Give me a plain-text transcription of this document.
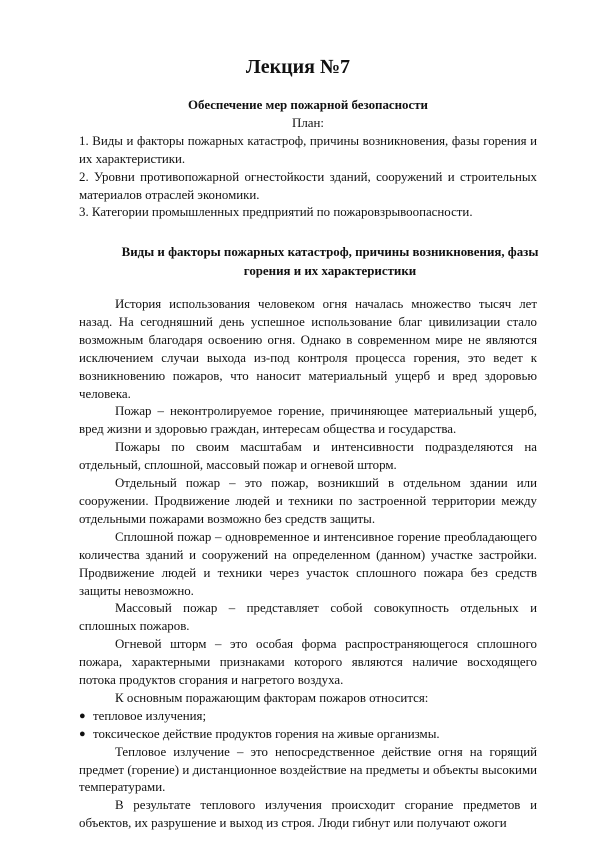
Лекция №7
Обеспечение мер пожарной безопасности
План:
1. Виды и факторы пожарных катастроф, причины возникновения, фазы горения и их характеристики.
2. Уровни противопожарной огнестойкости зданий, сооружений и строительных материалов отраслей экономики.
3. Категории промышленных предприятий по пожаровзрывоопасности.
Виды и факторы пожарных катастроф, причины возникновения, фазы горения и их характеристики

История использования человеком огня началась множество тысяч лет назад. На сегодняшний день успешное использование благ цивилизации стало возможным благодаря освоению огня. Однако в современном мире не являются исключением случаи выхода из-под контроля процесса горения, это ведет к возникновению пожаров, что наносит материальный ущерб и вред здоровью человека.

Пожар – неконтролируемое горение, причиняющее материальный ущерб, вред жизни и здоровью граждан, интересам общества и государства.

Пожары по своим масштабам и интенсивности подразделяются на отдельный, сплошной, массовый пожар и огневой шторм.

Отдельный пожар – это пожар, возникший в отдельном здании или сооружении. Продвижение людей и техники по застроенной территории между отдельными пожарами возможно без средств защиты.

Сплошной пожар – одновременное и интенсивное горение преобладающего количества зданий и сооружений на определенном (данном) участке застройки. Продвижение людей и техники через участок сплошного пожара без средств защиты невозможно.

Массовый пожар – представляет собой совокупность отдельных и сплошных пожаров.

Огневой шторм – это особая форма распространяющегося сплошного пожара, характерными признаками которого являются наличие восходящего потока продуктов сгорания и нагретого воздуха.

К основным поражающим факторам пожаров относится:

● тепловое излучения;
● токсическое действие продуктов горения на живые организмы.

Тепловое излучение – это непосредственное действие огня на горящий предмет (горение) и дистанционное воздействие на предметы и объекты высокими температурами.

В результате теплового излучения происходит сгорание предметов и объектов, их разрушение и выход из строя. Люди гибнут или получают ожоги
